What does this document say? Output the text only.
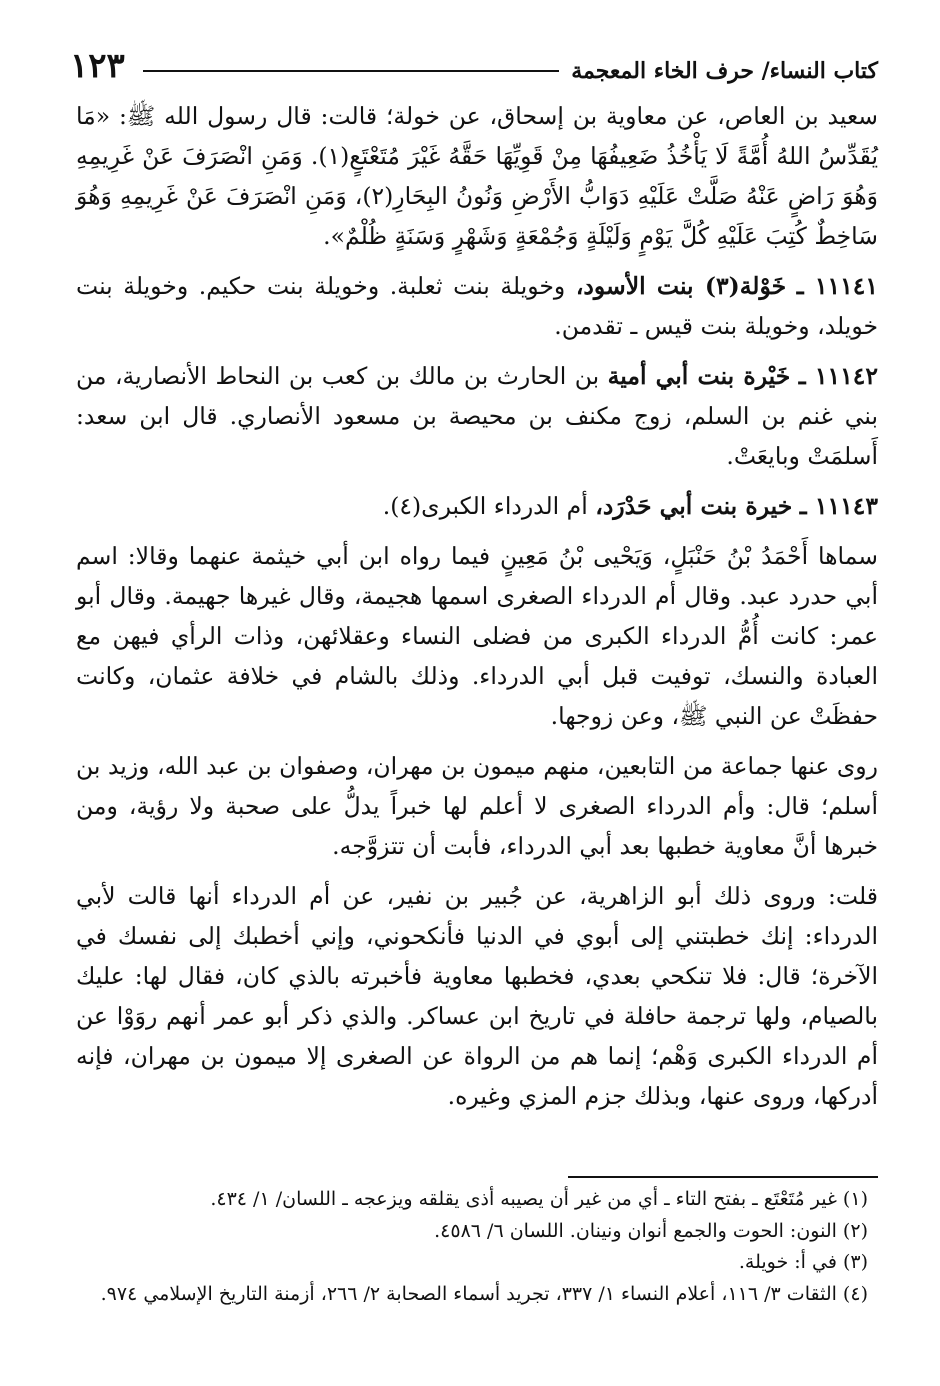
كتاب النساء/ حرف الخاء المعجمة
١٢٣

سعيد بن العاص، عن معاوية بن إسحاق، عن خولة؛ قالت: قال رسول الله ﷺ: «مَا يُقَدِّسُ اللهُ أُمَّةً لَا يَأْخُذُ ضَعِيفُهَا مِنْ قَوِيِّهَا حَقَّهُ غَيْرَ مُتَعْتَعٍ(١). وَمَنِ انْصَرَفَ عَنْ غَرِيمِهِ وَهُوَ رَاضٍ عَنْهُ صَلَّتْ عَلَيْهِ دَوَابُّ الأَرْضِ وَنُونُ البِحَارِ(٢)، وَمَنِ انْصَرَفَ عَنْ غَرِيمِهِ وَهُوَ سَاخِطٌ كُتِبَ عَلَيْهِ كُلَّ يَوْمٍ وَلَيْلَةٍ وَجُمْعَةٍ وَشَهْرٍ وَسَنَةٍ ظُلْمٌ».

١١١٤١ ـ خَوْلة(٣) بنت الأسود، وخويلة بنت ثعلبة. وخويلة بنت حكيم. وخويلة بنت خويلد، وخويلة بنت قيس ـ تقدمن.

١١١٤٢ ـ خَيْرة بنت أبي أمية بن الحارث بن مالك بن كعب بن النحاط الأنصارية، من بني غنم بن السلم، زوج مكنف بن محيصة بن مسعود الأنصاري. قال ابن سعد: أَسلمَتْ وبايعَتْ.

١١١٤٣ ـ خيرة بنت أبي حَدْرَد، أم الدرداء الكبرى(٤).

سماها أَحْمَدُ بْنُ حَنْبَلٍ، وَيَحْيى بْنُ مَعِينٍ فيما رواه ابن أبي خيثمة عنهما وقالا: اسم أبي حدرد عبد. وقال أم الدرداء الصغرى اسمها هجيمة، وقال غيرها جهيمة. وقال أبو عمر: كانت أُمُّ الدرداء الكبرى من فضلى النساء وعقلائهن، وذات الرأي فيهن مع العبادة والنسك، توفيت قبل أبي الدرداء. وذلك بالشام في خلافة عثمان، وكانت حفظَتْ عن النبي ﷺ، وعن زوجها.

روى عنها جماعة من التابعين، منهم ميمون بن مهران، وصفوان بن عبد الله، وزيد بن أسلم؛ قال: وأم الدرداء الصغرى لا أعلم لها خبراً يدلُّ على صحبة ولا رؤية، ومن خبرها أنَّ معاوية خطبها بعد أبي الدرداء، فأبت أن تتزوَّجه.

قلت: وروى ذلك أبو الزاهرية، عن جُبير بن نفير، عن أم الدرداء أنها قالت لأبي الدرداء: إنك خطبتني إلى أبوي في الدنيا فأنكحوني، وإني أخطبك إلى نفسك في الآخرة؛ قال: فلا تنكحي بعدي، فخطبها معاوية فأخبرته بالذي كان، فقال لها: عليك بالصيام، ولها ترجمة حافلة في تاريخ ابن عساكر. والذي ذكر أبو عمر أنهم روَوْا عن أم الدرداء الكبرى وَهْم؛ إنما هم من الرواة عن الصغرى إلا ميمون بن مهران، فإنه أدركها، وروى عنها، وبذلك جزم المزي وغيره.

(١) غير مُتَعْتَع ـ بفتح التاء ـ أي من غير أن يصيبه أذى يقلقه ويزعجه ـ اللسان/ ١/ ٤٣٤.
(٢) النون: الحوت والجمع أنوان ونينان. اللسان ٦/ ٤٥٨٦.
(٣) في أ: خويلة.
(٤) الثقات ٣/ ١١٦، أعلام النساء ١/ ٣٣٧، تجريد أسماء الصحابة ٢/ ٢٦٦، أزمنة التاريخ الإسلامي ٩٧٤.
